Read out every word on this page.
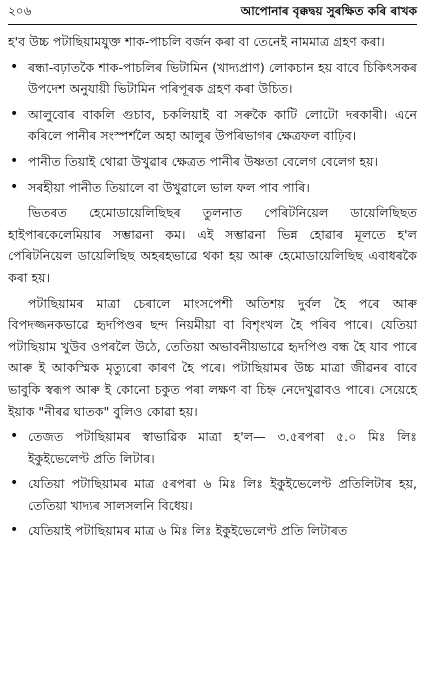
২০৬	আপোনাৰ বৃক্কদ্বয় সুৰক্ষিত কৰি ৰাখক

হ'ব উচ্চ পটাছিয়ামযুক্ত শাক-পাচলি বৰ্জন কৰা বা তেনেই নামমাত্ৰ গ্ৰহণ কৰা।

• ৰন্ধা-বঢ়াতকৈ শাক-পাচলিৰ ভিটামিন (খাদ্যপ্ৰাণ) লোকচান হয় বাবে চিকিৎসকৰ উপদেশ অনুযায়ী ভিটামিন পৰিপূৰক গ্ৰহণ কৰা উচিত।
• আলুবোৰ বাকলি গুচাব, চকলিয়াই বা সৰুকৈ কাটি লোটো দৰকাৰী। এনে কৰিলে পানীৰ সংস্পৰ্শলৈ অহা আলুৰ উপৰিভাগৰ ক্ষেত্ৰফল বাঢ়িব।
• পানীত তিয়াই থোৱা উখুৱাৰ ক্ষেত্ৰত পানীৰ উষ্ণতা বেলেগ বেলেগ হয়।
• সৰহীয়া পানীত তিয়ালে বা উখুৱালে ভাল ফল পাব পাৰি।

ভিতৰত হেমোডায়েলিছিছৰ তুলনাত পেৰিটনিয়েল ডায়েলিছিছত হাইপাৰকেলেমিয়াৰ সম্ভাৱনা কম। এই সম্ভাৱনা ভিন্ন হোৱাৰ মূলতে হ'ল পেৰিটনিয়েল ডায়েলিছিছ অহৰহভাৱে থকা হয় আৰু হেমোডায়েলিছিছ এবাধৰকৈ কৰা হয়।

পটাছিয়ামৰ মাত্ৰা চেৰালে মাংসপেশী অতিশয় দুৰ্বল হৈ পৰে আৰু বিপদজ্জনকভাৱে হৃদপিণ্ডৰ ছন্দ নিয়মীয়া বা বিশৃংখল হৈ পৰিব পাৰে। যেতিয়া পটাছিয়াম খুউব ওপৰলৈ উঠে, তেতিয়া অভাবনীয়ভাৱে হৃদপিণ্ড বন্ধ হৈ যাব পাৰে আৰু ই আকস্মিক মৃত্যুৰো কাৰণ হৈ পৰে। পটাছিয়ামৰ উচ্চ মাত্ৰা জীৱনৰ বাবে ভাবুকি স্বৰূপ আৰু ই কোনো চকুত পৰা লক্ষণ বা চিহ্ন নেদেখুৱাবও পাৰে। সেয়েহে ইয়াক "নীৰৱ ঘাতক" বুলিও কোৱা হয়।

• তেজত পটাছিয়ামৰ স্বাভাৱিক মাত্ৰা হ'ল— ৩.৫ৰপৰা ৫.০ মিঃ লিঃ ইকুইভেলেণ্ট প্ৰতি লিটাৰ।
• যেতিয়া পটাছিয়ামৰ মাত্ৰ ৫ৰপৰা ৬ মিঃ লিঃ ইকুইভেলেণ্ট প্ৰতিলিটাৰ হয়, তেতিয়া খাদ্যৰ সালসলনি বিধেয়।
• যেতিয়াই পটাছিয়ামৰ মাত্ৰ ৬ মিঃ লিঃ ইকুইভেলেণ্ট প্ৰতি লিটাৰত
